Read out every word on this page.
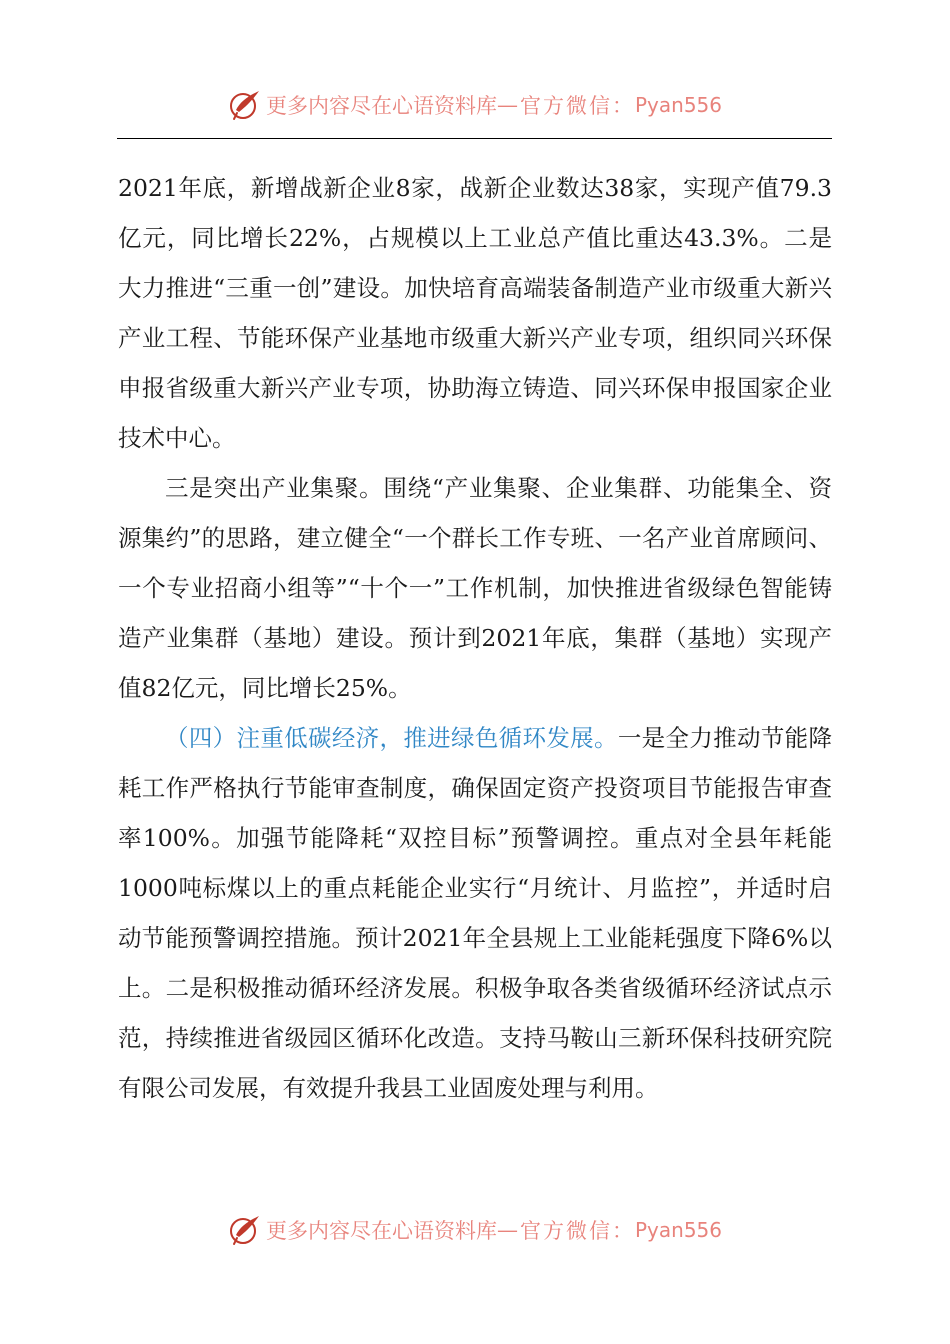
更多内容尽在心语资料库 — 官方微信： Pyan556

2021年底，新增战新企业8家，战新企业数达38家，实现产值79.3亿元，同比增长22%，占规模以上工业总产值比重达43.3%。二是大力推进“三重一创”建设。加快培育高端装备制造产业市级重大新兴产业工程、节能环保产业基地市级重大新兴产业专项，组织同兴环保申报省级重大新兴产业专项，协助海立铸造、同兴环保申报国家企业技术中心。

三是突出产业集聚。围绕“产业集聚、企业集群、功能集全、资源集约”的思路，建立健全“一个群长工作专班、一名产业首席顾问、一个专业招商小组等”“十个一”工作机制，加快推进省级绿色智能铸造产业集群（基地）建设。预计到2021年底，集群（基地）实现产值82亿元，同比增长25%。

（四）注重低碳经济，推进绿色循环发展。一是全力推动节能降耗工作严格执行节能审查制度，确保固定资产投资项目节能报告审查率100%。加强节能降耗“双控目标”预警调控。重点对全县年耗能1000吨标煤以上的重点耗能企业实行“月统计、月监控”，并适时启动节能预警调控措施。预计2021年全县规上工业能耗强度下降6%以上。二是积极推动循环经济发展。积极争取各类省级循环经济试点示范，持续推进省级园区循环化改造。支持马鞍山三新环保科技研究院有限公司发展，有效提升我县工业固废处理与利用。

更多内容尽在心语资料库 — 官方微信： Pyan556
